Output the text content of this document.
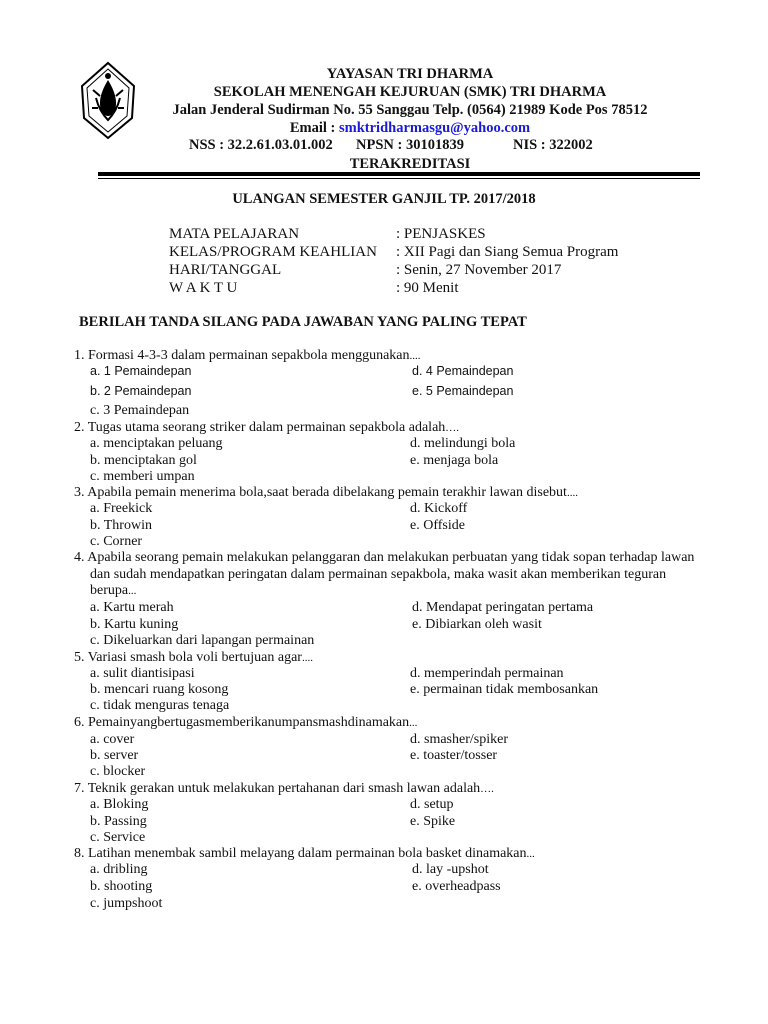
YAYASAN TRI DHARMA
SEKOLAH MENENGAH KEJURUAN (SMK) TRI DHARMA
Jalan Jenderal Sudirman No. 55 Sanggau Telp. (0564) 21989 Kode Pos 78512
Email : smktridharmasgu@yahoo.com
NSS : 32.2.61.03.01.002 NPSN : 30101839	NIS : 322002
TERAKREDITASI
ULANGAN SEMESTER GANJIL TP. 2017/2018
MATA PELAJARAN	: PENJASKES
KELAS/PROGRAM KEAHLIAN : XII Pagi dan Siang Semua Program
HARI/TANGGAL	: Senin, 27 November 2017
W A K T U	: 90 Menit
BERILAH TANDA SILANG PADA JAWABAN YANG PALING TEPAT
1. Formasi 4-3-3 dalam permainan sepakbola menggunakan....
a. 1 Pemaindepan	d. 4 Pemaindepan
b. 2 Pemaindepan	e. 5 Pemaindepan
c. 3 Pemaindepan
2. Tugas utama seorang striker dalam permainan sepakbola adalah….
a. menciptakan peluang	d. melindungi bola
b. menciptakan gol	e. menjaga bola
c. memberi umpan
3. Apabila pemain menerima bola,saat berada dibelakang pemain terakhir lawan disebut....
a. Freekick	d. Kickoff
b. Throwin	e. Offside
c. Corner
4. Apabila seorang pemain melakukan pelanggaran dan melakukan perbuatan yang tidak sopan terhadap lawan
dan sudah mendapatkan peringatan dalam permainan sepakbola, maka wasit akan memberikan teguran
berupa...
a. Kartu merah	d. Mendapat peringatan pertama
b. Kartu kuning	e. Dibiarkan oleh wasit
c. Dikeluarkan dari lapangan permainan
5. Variasi smash bola voli bertujuan agar....
a. sulit diantisipasi	d. memperindah permainan
b. mencari ruang kosong	e. permainan tidak membosankan
c. tidak menguras tenaga
6. Pemainyangbertugasmemberikanumpansmashdinamakan...
a. cover	d. smasher/spiker
b. server	e. toaster/tosser
c. blocker
7. Teknik gerakan untuk melakukan pertahanan dari smash lawan adalah….
a. Bloking	d. setup
b. Passing	e. Spike
c. Service
8. Latihan menembak sambil melayang dalam permainan bola basket dinamakan...
a. dribling	d. lay -upshot
b. shooting	e. overheadpass
c. jumpshoot
